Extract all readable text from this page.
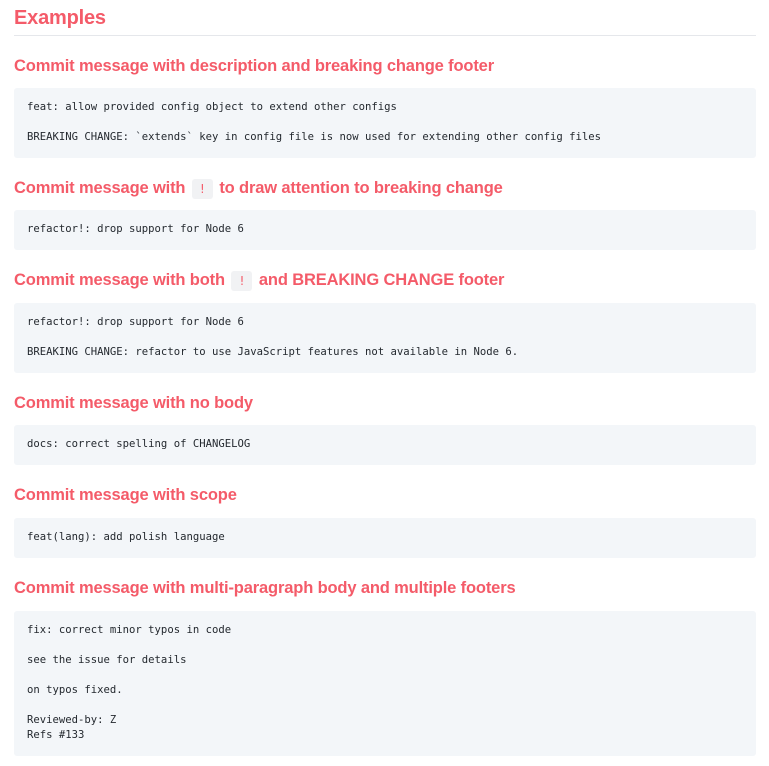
Examples
Commit message with description and breaking change footer
feat: allow provided config object to extend other configs
BREAKING CHANGE: `extends` key in config file is now used for extending other config files
Commit message with ! to draw attention to breaking change
refactor!: drop support for Node 6
Commit message with both ! and BREAKING CHANGE footer
refactor!: drop support for Node 6
BREAKING CHANGE: refactor to use JavaScript features not available in Node 6.
Commit message with no body
docs: correct spelling of CHANGELOG
Commit message with scope
feat(lang): add polish language
Commit message with multi-paragraph body and multiple footers
fix: correct minor typos in code
see the issue for details
on typos fixed.
Reviewed-by: Z
Refs #133
